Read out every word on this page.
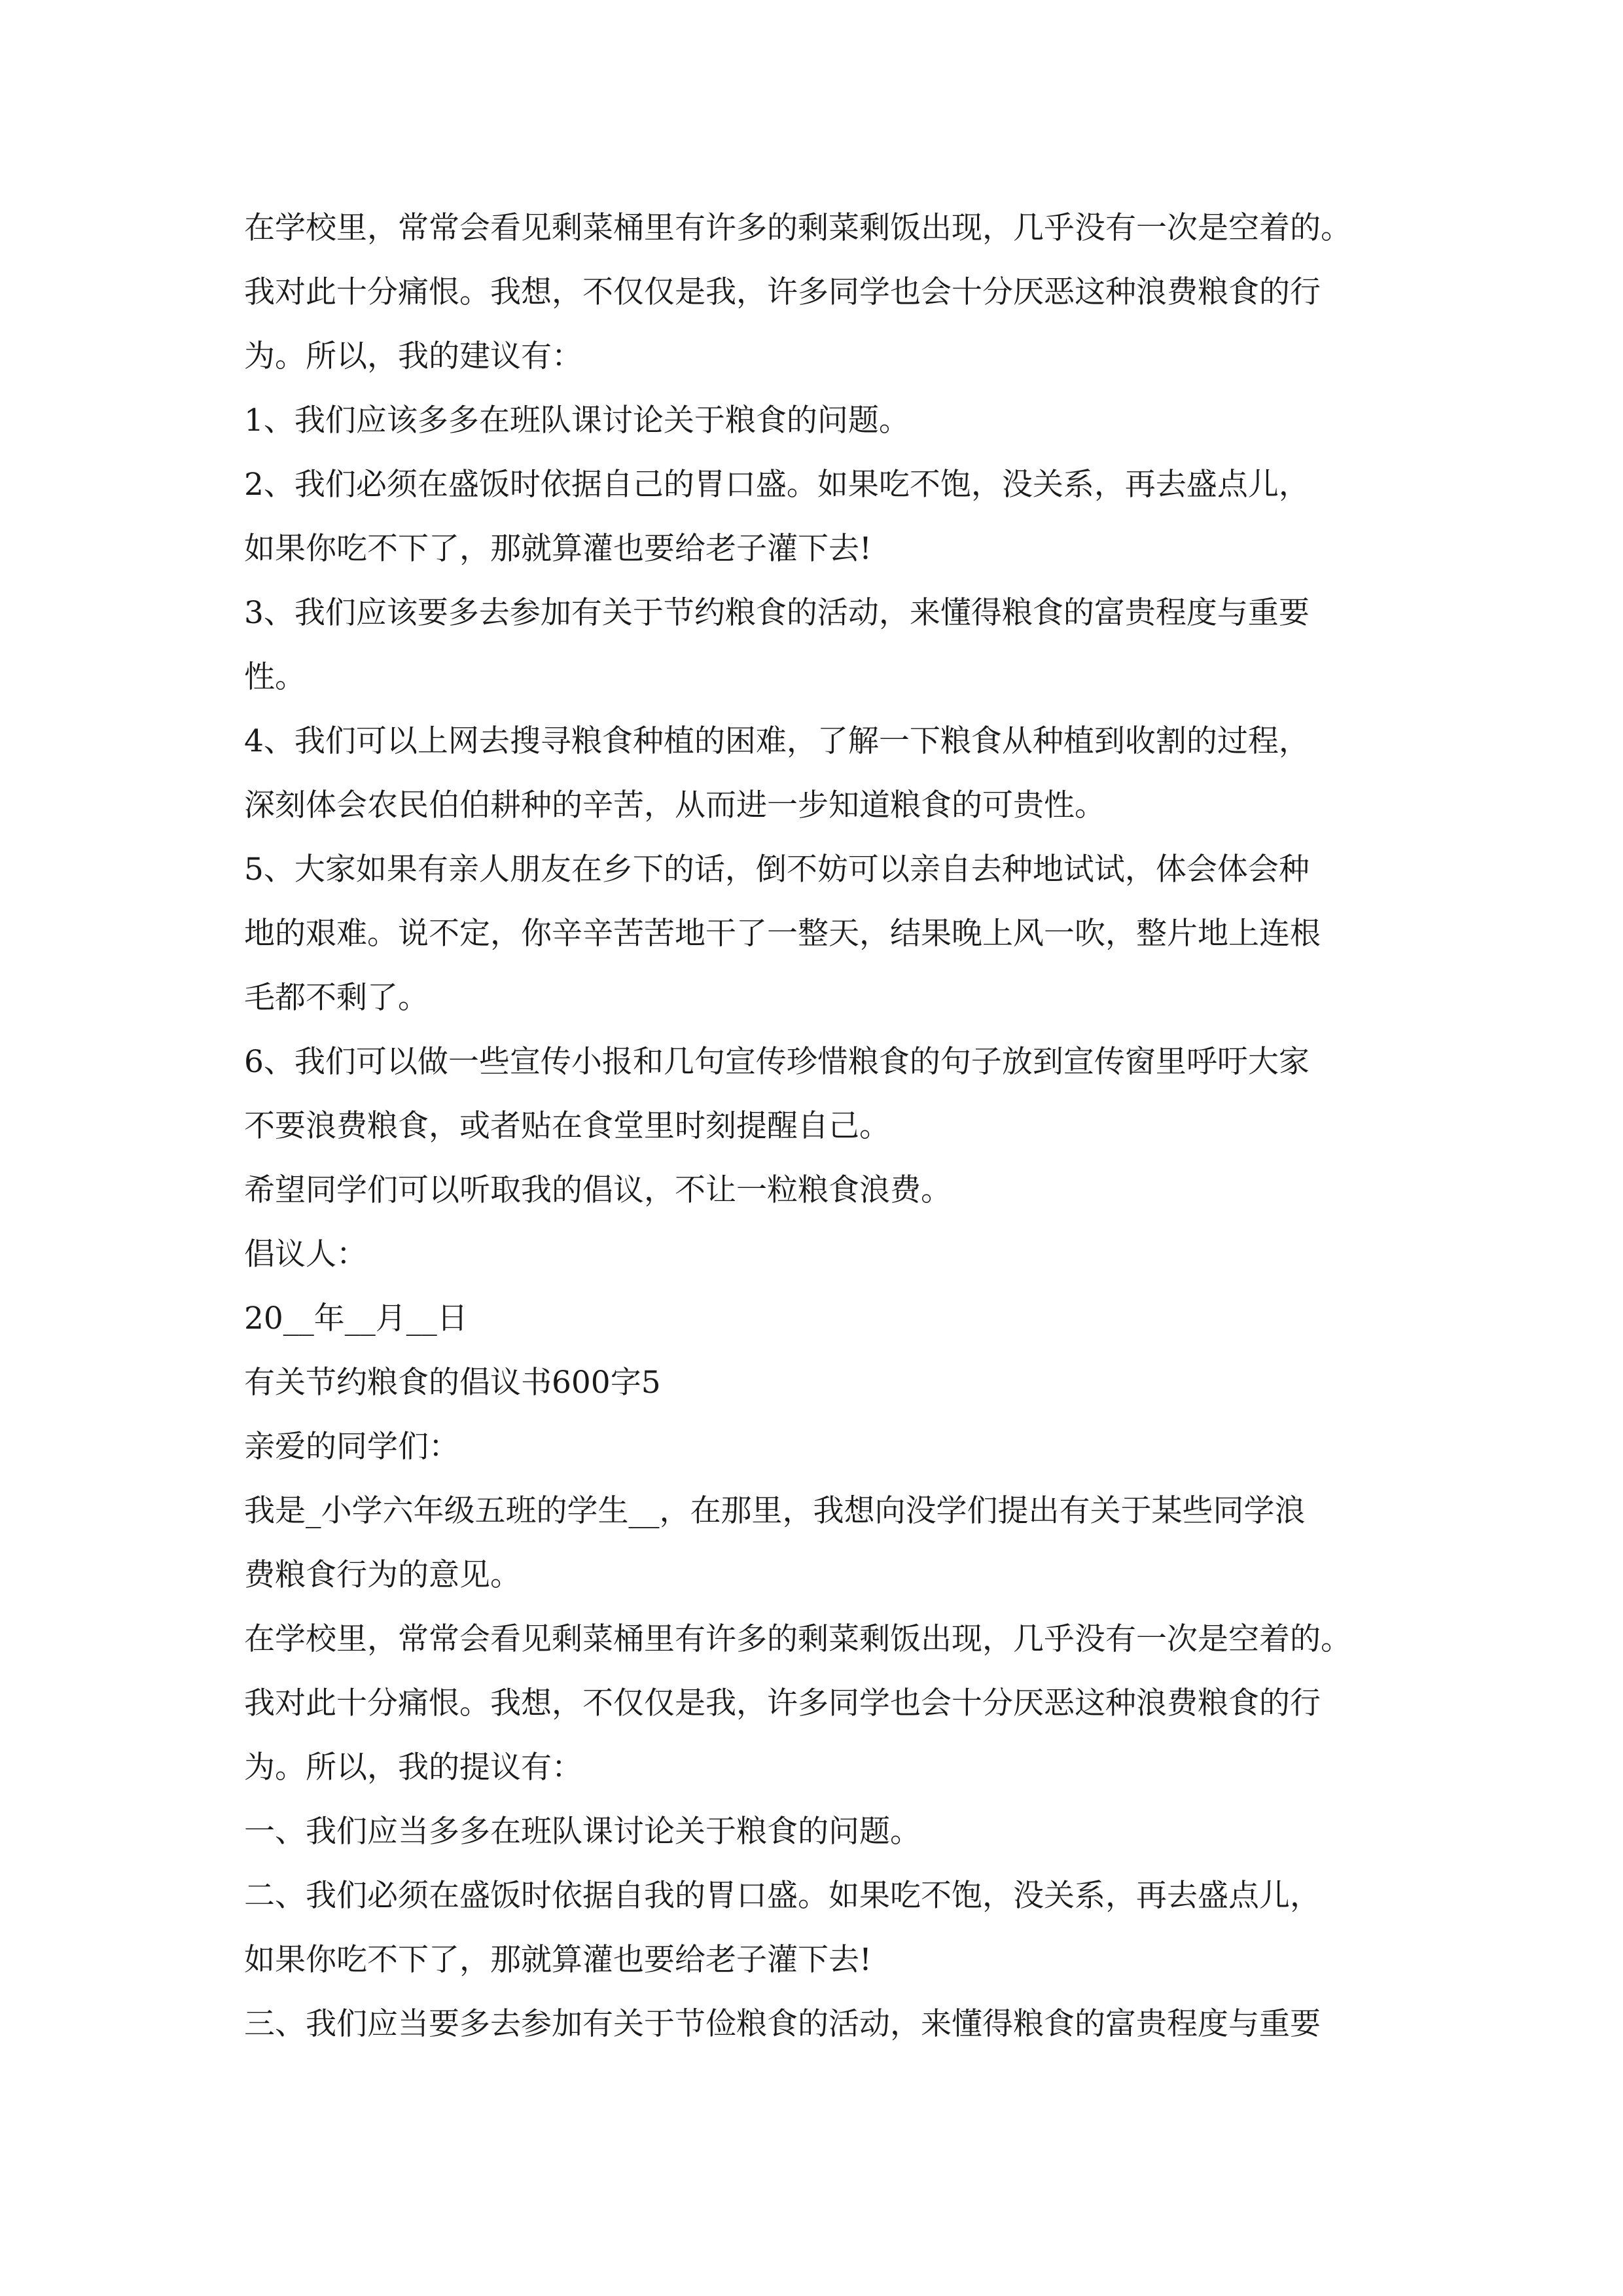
在学校里，常常会看见剩菜桶里有许多的剩菜剩饭出现，几乎没有一次是空着的。
我对此十分痛恨。我想，不仅仅是我，许多同学也会十分厌恶这种浪费粮食的行
为。所以，我的建议有：
1、我们应该多多在班队课讨论关于粮食的问题。
2、我们必须在盛饭时依据自己的胃口盛。如果吃不饱，没关系，再去盛点儿，
如果你吃不下了，那就算灌也要给老子灌下去!
3、我们应该要多去参加有关于节约粮食的活动，来懂得粮食的富贵程度与重要
性。
4、我们可以上网去搜寻粮食种植的困难，了解一下粮食从种植到收割的过程，
深刻体会农民伯伯耕种的辛苦，从而进一步知道粮食的可贵性。
5、大家如果有亲人朋友在乡下的话，倒不妨可以亲自去种地试试，体会体会种
地的艰难。说不定，你辛辛苦苦地干了一整天，结果晚上风一吹，整片地上连根
毛都不剩了。
6、我们可以做一些宣传小报和几句宣传珍惜粮食的句子放到宣传窗里呼吁大家
不要浪费粮食，或者贴在食堂里时刻提醒自己。
希望同学们可以听取我的倡议，不让一粒粮食浪费。
倡议人：
20__年__月__日
有关节约粮食的倡议书600字5
亲爱的同学们：
我是_小学六年级五班的学生__，在那里，我想向没学们提出有关于某些同学浪
费粮食行为的意见。
在学校里，常常会看见剩菜桶里有许多的剩菜剩饭出现，几乎没有一次是空着的。
我对此十分痛恨。我想，不仅仅是我，许多同学也会十分厌恶这种浪费粮食的行
为。所以，我的提议有：
一、我们应当多多在班队课讨论关于粮食的问题。
二、我们必须在盛饭时依据自我的胃口盛。如果吃不饱，没关系，再去盛点儿，
如果你吃不下了，那就算灌也要给老子灌下去!
三、我们应当要多去参加有关于节俭粮食的活动，来懂得粮食的富贵程度与重要
